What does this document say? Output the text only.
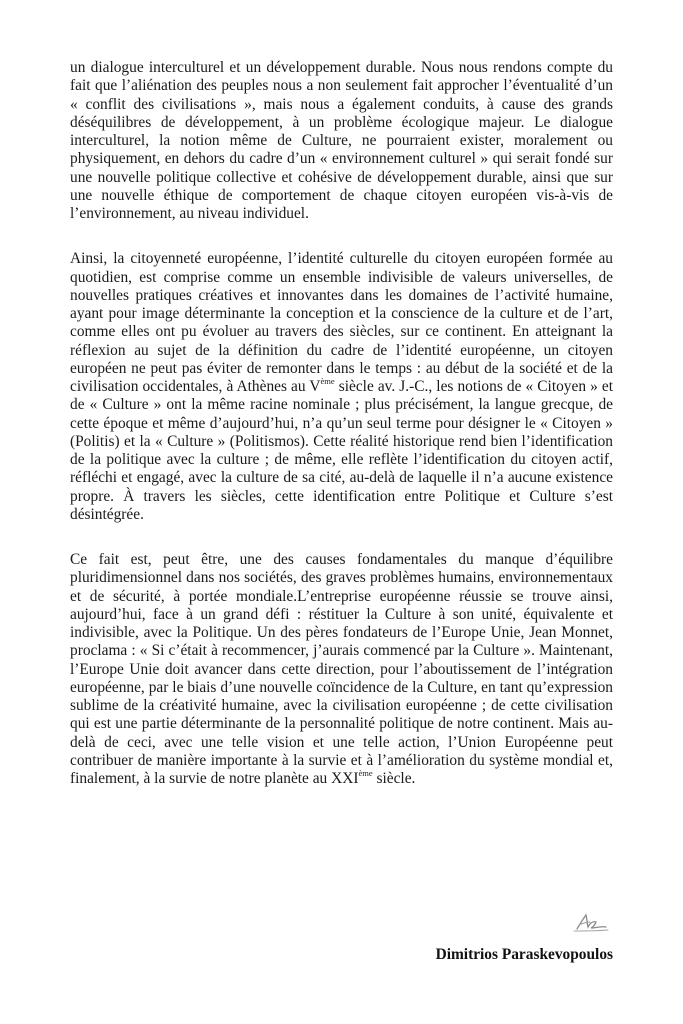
un dialogue interculturel et un développement durable. Nous nous rendons compte du fait que l’aliénation des peuples nous a non seulement fait approcher l’éventualité d’un « conflit des civilisations », mais nous a également conduits, à cause des grands déséquilibres de développement, à un problème écologique majeur. Le dialogue interculturel, la notion même de Culture, ne pourraient exister, moralement ou physiquement, en dehors du cadre d’un « environnement culturel » qui serait fondé sur une nouvelle politique collective et cohésive de développement durable, ainsi que sur une nouvelle éthique de comportement de chaque citoyen européen vis-à-vis de l’environnement, au niveau individuel.

Ainsi, la citoyenneté européenne, l’identité culturelle du citoyen européen formée au quotidien, est comprise comme un ensemble indivisible de valeurs universelles, de nouvelles pratiques créatives et innovantes dans les domaines de l’activité humaine, ayant pour image déterminante la conception et la conscience de la culture et de l’art, comme elles ont pu évoluer au travers des siècles, sur ce continent. En atteignant la réflexion au sujet de la définition du cadre de l’identité européenne, un citoyen européen ne peut pas éviter de remonter dans le temps : au début de la société et de la civilisation occidentales, à Athènes au Vème siècle av. J.-C., les notions de « Citoyen » et de « Culture » ont la même racine nominale ; plus précisément, la langue grecque, de cette époque et même d’aujourd’hui, n’a qu’un seul terme pour désigner le « Citoyen » (Politis) et la « Culture » (Politismos). Cette réalité historique rend bien l’identification de la politique avec la culture ; de même, elle reflète l’identification du citoyen actif, réfléchi et engagé, avec la culture de sa cité, au-delà de laquelle il n’a aucune existence propre. À travers les siècles, cette identification entre Politique et Culture s’est désintégrée.

Ce fait est, peut être, une des causes fondamentales du manque d’équilibre pluridimensionnel dans nos sociétés, des graves problèmes humains, environnementaux et de sécurité, à portée mondiale.L’entreprise européenne réussie se trouve ainsi, aujourd’hui, face à un grand défi : réstituer la Culture à son unité, équivalente et indivisible, avec la Politique. Un des pères fondateurs de l’Europe Unie, Jean Monnet, proclama : « Si c’était à recommencer, j’aurais commencé par la Culture ». Maintenant, l’Europe Unie doit avancer dans cette direction, pour l’aboutissement de l’intégration européenne, par le biais d’une nouvelle coïncidence de la Culture, en tant qu’expression sublime de la créativité humaine, avec la civilisation européenne ; de cette civilisation qui est une partie déterminante de la personnalité politique de notre continent. Mais au-delà de ceci, avec une telle vision et une telle action, l’Union Européenne peut contribuer de manière importante à la survie et à l’amélioration du système mondial et, finalement, à la survie de notre planète au XXIème siècle.

Dimitrios Paraskevopoulos
